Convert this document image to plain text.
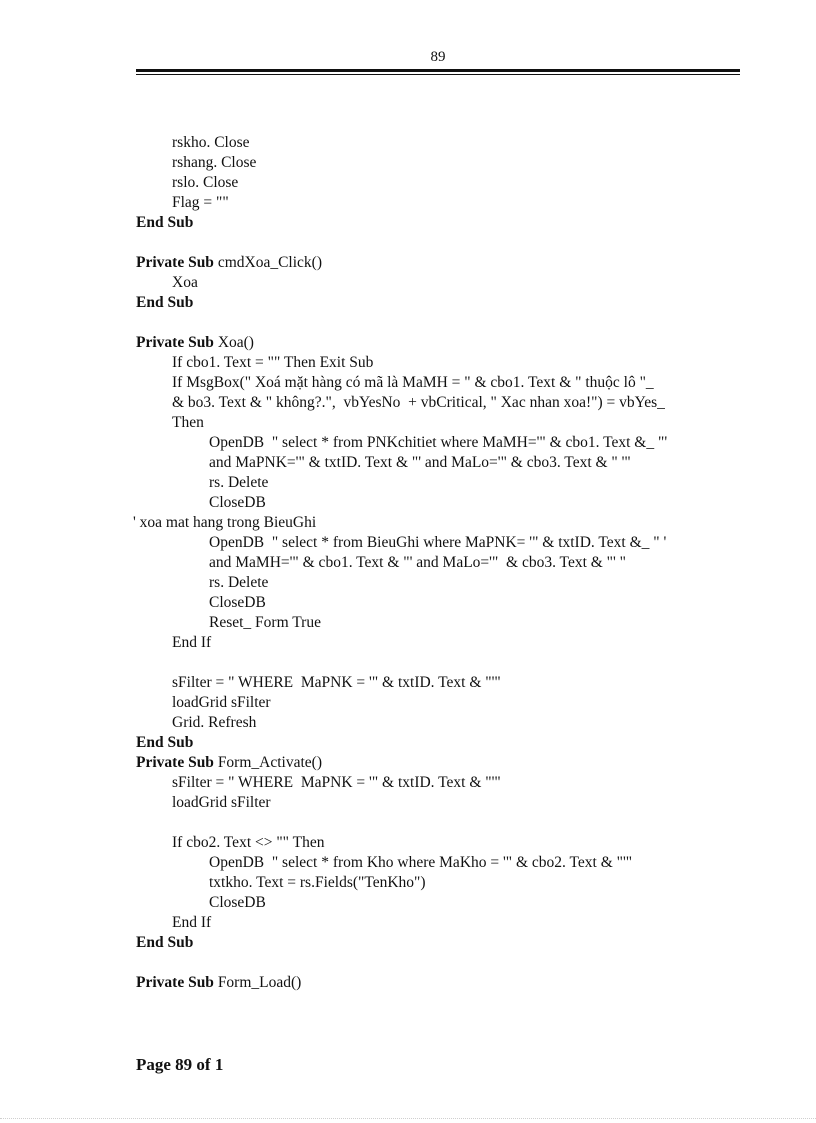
89
rskho. Close
rshang. Close
rslo. Close
Flag = ""
End Sub
Private Sub cmdXoa_Click()
Xoa
End Sub
Private Sub Xoa()
If cbo1. Text = "" Then Exit Sub
If MsgBox(" Xoá mặt hàng có mã là MaMH = " & cbo1. Text & " thuộc lô "_
& bo3. Text & " không?.",  vbYesNo  + vbCritical, " Xac nhan xoa!") = vbYes_
Then
OpenDB  " select * from PNKchitiet where MaMH='" & cbo1. Text &_ "'
and MaPNK='" & txtID. Text & "' and MaLo='" & cbo3. Text & " '"
rs. Delete
CloseDB
' xoa mat hang trong BieuGhi
OpenDB  " select * from BieuGhi where MaPNK= '" & txtID. Text &_ " '
and MaMH='" & cbo1. Text & "' and MaLo='"  & cbo3. Text & "' "
rs. Delete
CloseDB
Reset_ Form True
End If
sFilter = " WHERE  MaPNK = '" & txtID. Text & "'"
loadGrid sFilter
Grid. Refresh
End Sub
Private Sub Form_Activate()
sFilter = " WHERE  MaPNK = '" & txtID. Text & "'"
loadGrid sFilter
If cbo2. Text <> "" Then
OpenDB  " select * from Kho where MaKho = '" & cbo2. Text & "'"
txtkho. Text = rs.Fields("TenKho")
CloseDB
End If
End Sub
Private Sub Form_Load()
Page 89 of 1
